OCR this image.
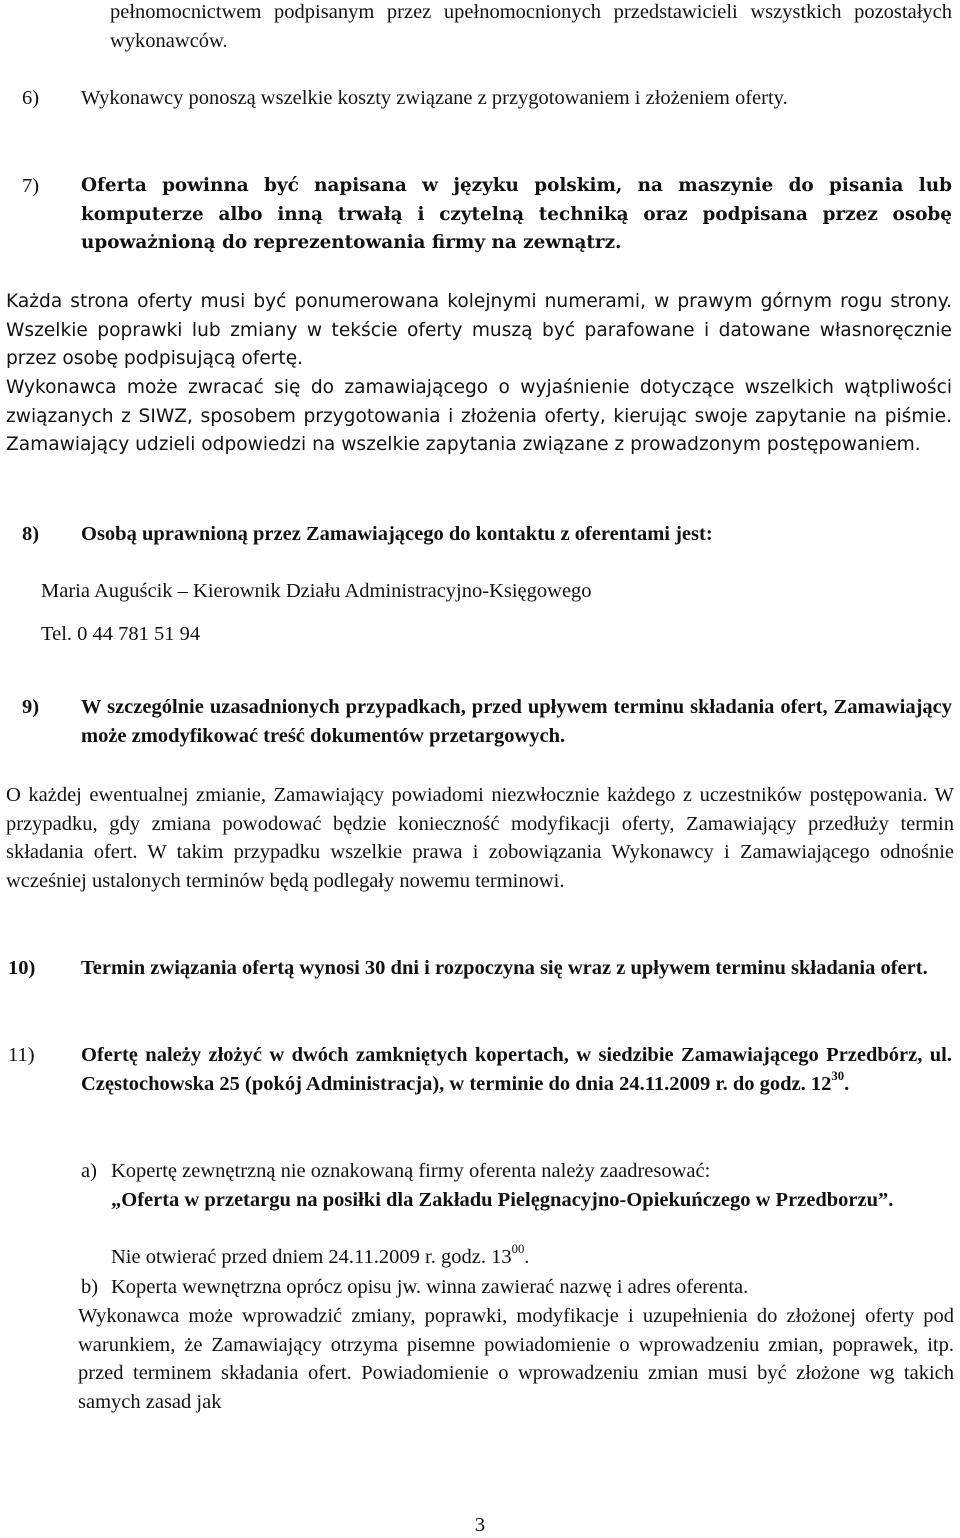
pełnomocnictwem podpisanym przez upełnomocnionych przedstawicieli wszystkich pozostałych wykonawców.

6) Wykonawcy ponoszą wszelkie koszty związane z przygotowaniem i złożeniem oferty.
7) Oferta powinna być napisana w języku polskim, na maszynie do pisania lub komputerze albo inną trwałą i czytelną techniką oraz podpisana przez osobę upoważnioną do reprezentowania firmy na zewnątrz.
Każda strona oferty musi być ponumerowana kolejnymi numerami, w prawym górnym rogu strony. Wszelkie poprawki lub zmiany w tekście oferty muszą być parafowane i datowane własnoręcznie przez osobę podpisującą ofertę.
Wykonawca może zwracać się do zamawiającego o wyjaśnienie dotyczące wszelkich wątpliwości związanych z SIWZ, sposobem przygotowania i złożenia oferty, kierując swoje zapytanie na piśmie. Zamawiający udzieli odpowiedzi na wszelkie zapytania związane z prowadzonym postępowaniem.
8) Osobą uprawnioną przez Zamawiającego do kontaktu z oferentami jest:
Maria Auguścik – Kierownik Działu Administracyjno-Księgowego
Tel. 0 44 781 51 94
9) W szczególnie uzasadnionych przypadkach, przed upływem terminu składania ofert, Zamawiający może zmodyfikować treść dokumentów przetargowych.
O każdej ewentualnej zmianie, Zamawiający powiadomi niezwłocznie każdego z uczestników postępowania. W przypadku, gdy zmiana powodować będzie konieczność modyfikacji oferty, Zamawiający przedłuży termin składania ofert. W takim przypadku wszelkie prawa i zobowiązania Wykonawcy i Zamawiającego odnośnie wcześniej ustalonych terminów będą podlegały nowemu terminowi.
10) Termin związania ofertą wynosi 30 dni i rozpoczyna się wraz z upływem terminu składania ofert.
11) Ofertę należy złożyć w dwóch zamkniętych kopertach, w siedzibie Zamawiającego Przedbórz, ul. Częstochowska 25 (pokój Administracja), w terminie do dnia 24.11.2009 r. do godz. $12^{30}$.
a) Kopertę zewnętrzną nie oznakowaną firmy oferenta należy zaadresować:
„Oferta w przetargu na posiłki dla Zakładu Pielęgnacyjno-Opiekuńczego w Przedborzu”.
Nie otwierać przed dniem 24.11.2009 r. godz. $13^{00}$.
b) Koperta wewnętrzna oprócz opisu jw. winna zawierać nazwę i adres oferenta.
Wykonawca może wprowadzić zmiany, poprawki, modyfikacje i uzupełnienia do złożonej oferty pod warunkiem, że Zamawiający otrzyma pisemne powiadomienie o wprowadzeniu zmian, poprawek, itp. przed terminem składania ofert. Powiadomienie o wprowadzeniu zmian musi być złożone wg takich samych zasad jak
3
